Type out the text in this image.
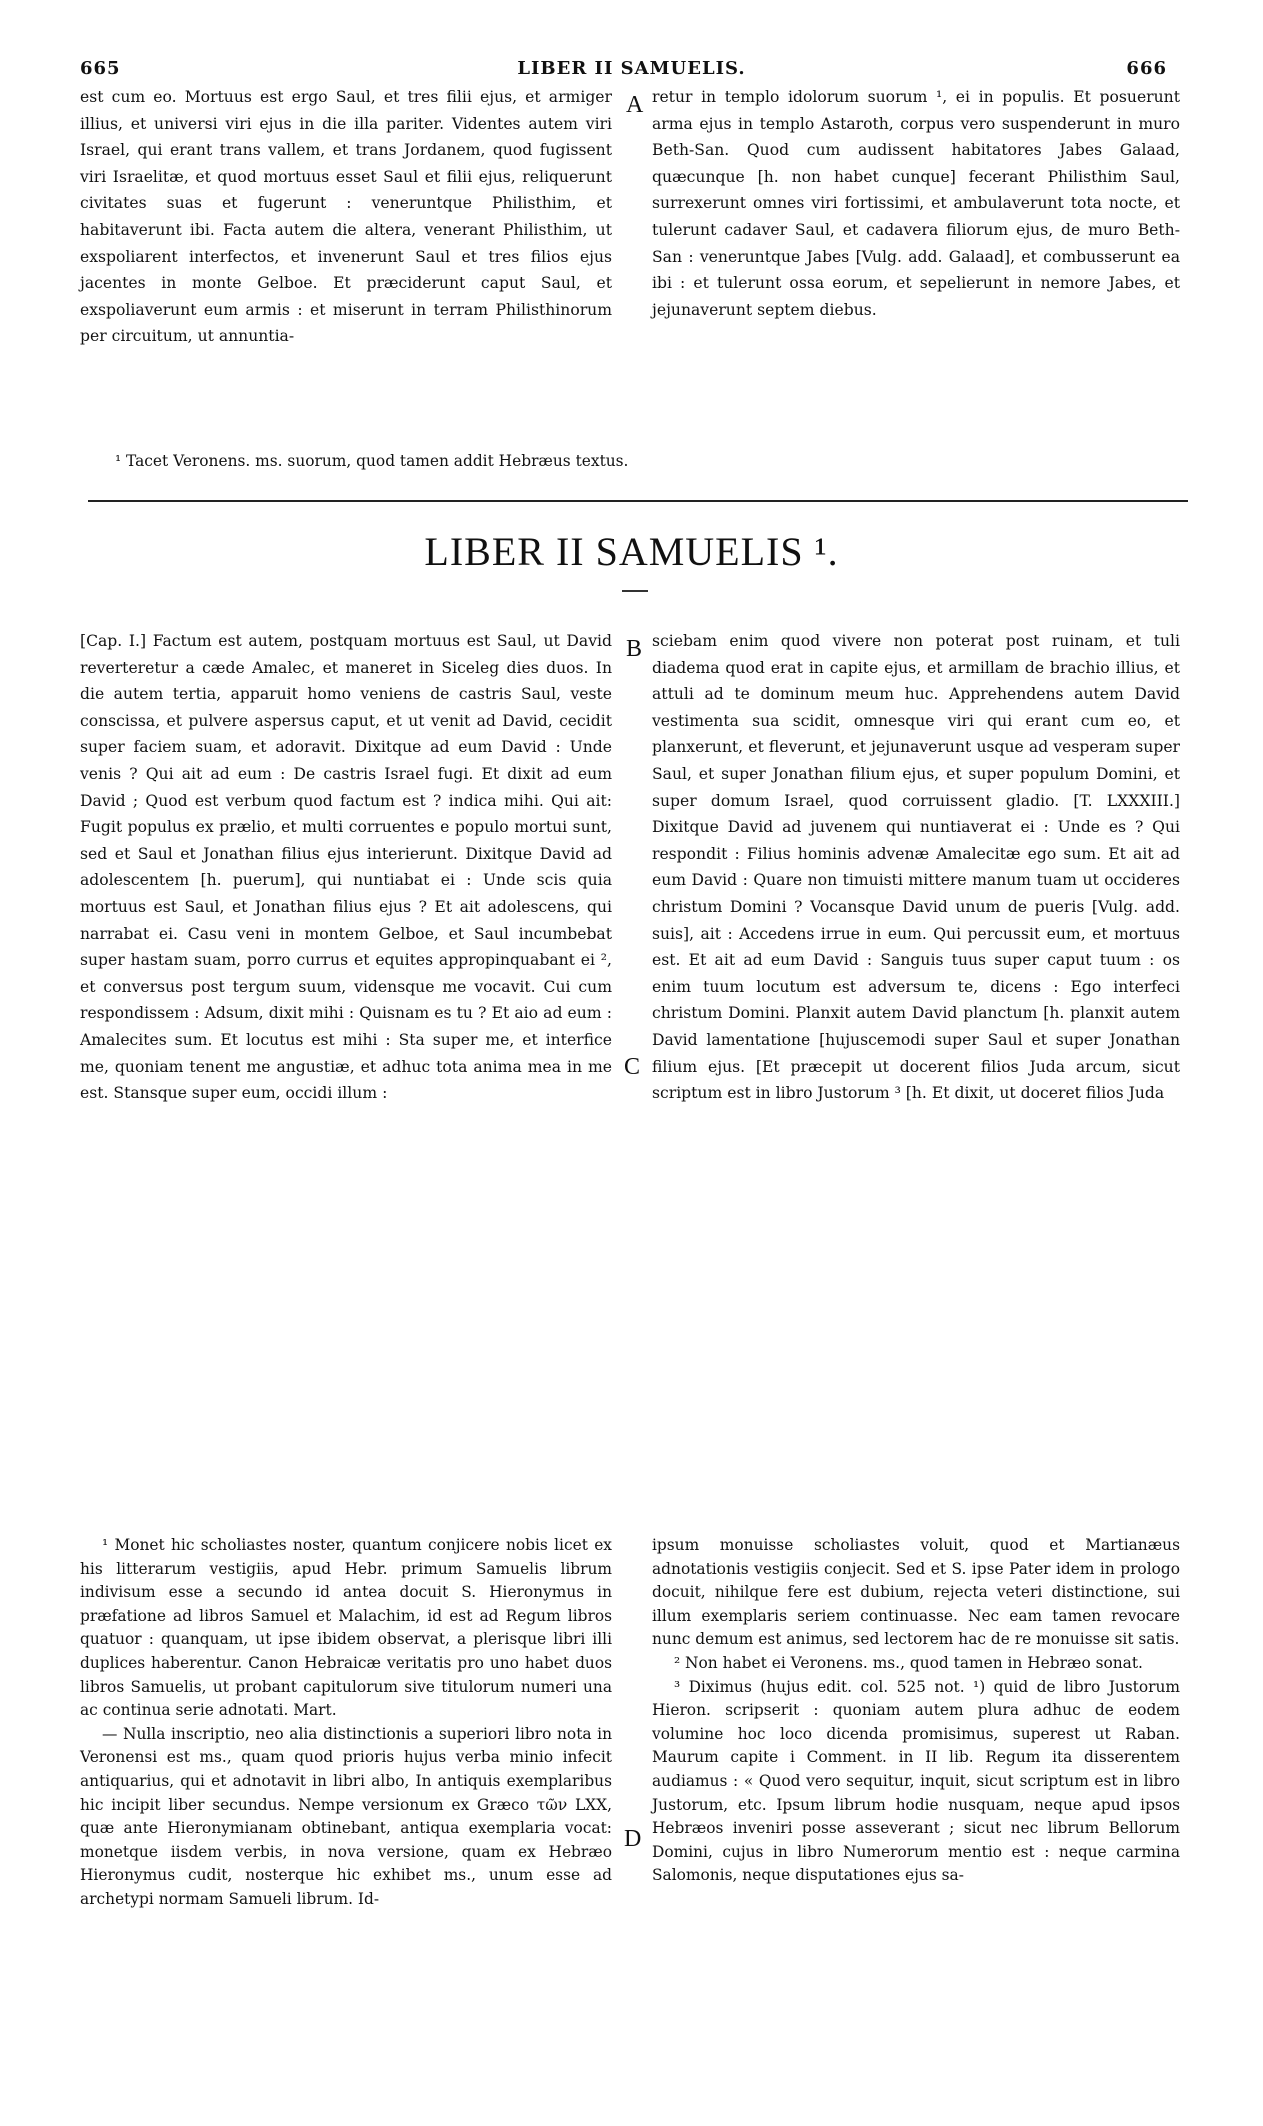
665	LIBER II SAMUELIS.	666

est cum eo. Mortuus est ergo Saul, et tres filii ejus, et armiger illius, et universi viri ejus in die illa pariter. Videntes autem viri Israel, qui erant trans vallem, et trans Jordanem, quod fugissent viri Israelitæ, et quod mortuus esset Saul et filii ejus, reliquerunt civitates suas et fugerunt : veneruntque Philisthim, et habitaverunt ibi. Facta autem die altera, venerant Philisthim, ut exspoliarent interfectos, et invenerunt Saul et tres filios ejus jacentes in monte Gelboe. Et præciderunt caput Saul, et exspoliaverunt eum armis : et miserunt in terram Philisthinorum per circuitum, ut annuntia-

A retur in templo idolorum suorum ¹, ei in populis. Et posuerunt arma ejus in templo Astaroth, corpus vero suspenderunt in muro Beth-San. Quod cum audissent habitatores Jabes Galaad, quæcunque [h. non habet cunque] fecerant Philisthim Saul, surrexerunt omnes viri fortissimi, et ambulaverunt tota nocte, et tulerunt cadaver Saul, et cadavera filiorum ejus, de muro Beth-San : veneruntque Jabes [Vulg. add. Galaad], et combusserunt ea ibi : et tulerunt ossa eorum, et sepelierunt in nemore Jabes, et jejunaverunt septem diebus.

¹ Tacet Veronens. ms. suorum, quod tamen addit Hebræus textus.
LIBER II SAMUELIS ¹.

[Cap. I.] Factum est autem, postquam mortuus est Saul, ut David reverteretur a cæde Amalec, et maneret in Siceleg dies duos. In die autem tertia, apparuit homo veniens de castris Saul, veste conscissa, et pulvere aspersus caput, et ut venit ad David, cecidit super faciem suam, et adoravit. Dixitque ad eum David : Unde venis ? Qui ait ad eum : De castris Israel fugi. Et dixit ad eum David ; Quod est verbum quod factum est ? indica mihi. Qui ait: Fugit populus ex prælio, et multi corruentes e populo mortui sunt, sed et Saul et Jonathan filius ejus interierunt. Dixitque David ad adolescentem [h. puerum], qui nuntiabat ei : Unde scis quia mortuus est Saul, et Jonathan filius ejus ? Et ait adolescens, qui narrabat ei. Casu veni in montem Gelboe, et Saul incumbebat super hastam suam, porro currus et equites appropinquabant ei ², et conversus post tergum suum, vidensque me vocavit. Cui cum respondissem : Adsum, dixit mihi : Quisnam es tu ? Et aio ad eum : Amalecites sum. Et locutus est mihi : Sta super me, et interfice me, quoniam tenent me angustiæ, et adhuc tota anima mea in me est. Stansque super eum, occidi illum :

B
C

sciebam enim quod vivere non poterat post ruinam, et tuli diadema quod erat in capite ejus, et armillam de brachio illius, et attuli ad te dominum meum huc. Apprehendens autem David vestimenta sua scidit, omnesque viri qui erant cum eo, et planxerunt, et fleverunt, et jejunaverunt usque ad vesperam super Saul, et super Jonathan filium ejus, et super populum Domini, et super domum Israel, quod corruissent gladio. [T. LXXXIII.] Dixitque David ad juvenem qui nuntiaverat ei : Unde es ? Qui respondit : Filius hominis advenæ Amalecitæ ego sum. Et ait ad eum David : Quare non timuisti mittere manum tuam ut occideres christum Domini ? Vocansque David unum de pueris [Vulg. add. suis], ait : Accedens irrue in eum. Qui percussit eum, et mortuus est. Et ait ad eum David : Sanguis tuus super caput tuum : os enim tuum locutum est adversum te, dicens : Ego interfeci christum Domini. Planxit autem David planctum [h. planxit autem David lamentatione [hujuscemodi super Saul et super Jonathan filium ejus. [Et præcepit ut docerent filios Juda arcum, sicut scriptum est in libro Justorum ³ [h. Et dixit, ut doceret filios Juda

¹ Monet hic scholiastes noster, quantum conjicere nobis licet ex his litterarum vestigiis, apud Hebr. primum Samuelis librum indivisum esse a secundo id antea docuit S. Hieronymus in præfatione ad libros Samuel et Malachim, id est ad Regum libros quatuor : quanquam, ut ipse ibidem observat, a plerisque libri illi duplices haberentur. Canon Hebraicæ veritatis pro uno habet duos libros Samuelis, ut probant capitulorum sive titulorum numeri una ac continua serie adnotati. Mart.

— Nulla inscriptio, neo alia distinctionis a superiori libro nota in Veronensi est ms., quam quod prioris hujus verba minio infecit antiquarius, qui et adnotavit in libri albo, In antiquis exemplaribus hic incipit liber secundus. Nempe versionum ex Græco τῶν LXX, quæ ante Hieronymianam obtinebant, antiqua exemplaria vocat: monetque iisdem verbis, in nova versione, quam ex Hebræo Hieronymus cudit, nosterque hic exhibet ms., unum esse ad archetypi normam Samueli librum. Id-

D

ipsum monuisse scholiastes voluit, quod et Martianæus adnotationis vestigiis conjecit. Sed et S. ipse Pater idem in prologo docuit, nihilque fere est dubium, rejecta veteri distinctione, sui illum exemplaris seriem continuasse. Nec eam tamen revocare nunc demum est animus, sed lectorem hac de re monuisse sit satis.

² Non habet ei Veronens. ms., quod tamen in Hebræo sonat.

³ Diximus (hujus edit. col. 525 not. ¹) quid de libro Justorum Hieron. scripserit : quoniam autem plura adhuc de eodem volumine hoc loco dicenda promisimus, superest ut Raban. Maurum capite i Comment. in II lib. Regum ita disserentem audiamus : « Quod vero sequitur, inquit, sicut scriptum est in libro Justorum, etc. Ipsum librum hodie nusquam, neque apud ipsos Hebræos inveniri posse asseverant ; sicut nec librum Bellorum Domini, cujus in libro Numerorum mentio est : neque carmina Salomonis, neque disputationes ejus sa-
